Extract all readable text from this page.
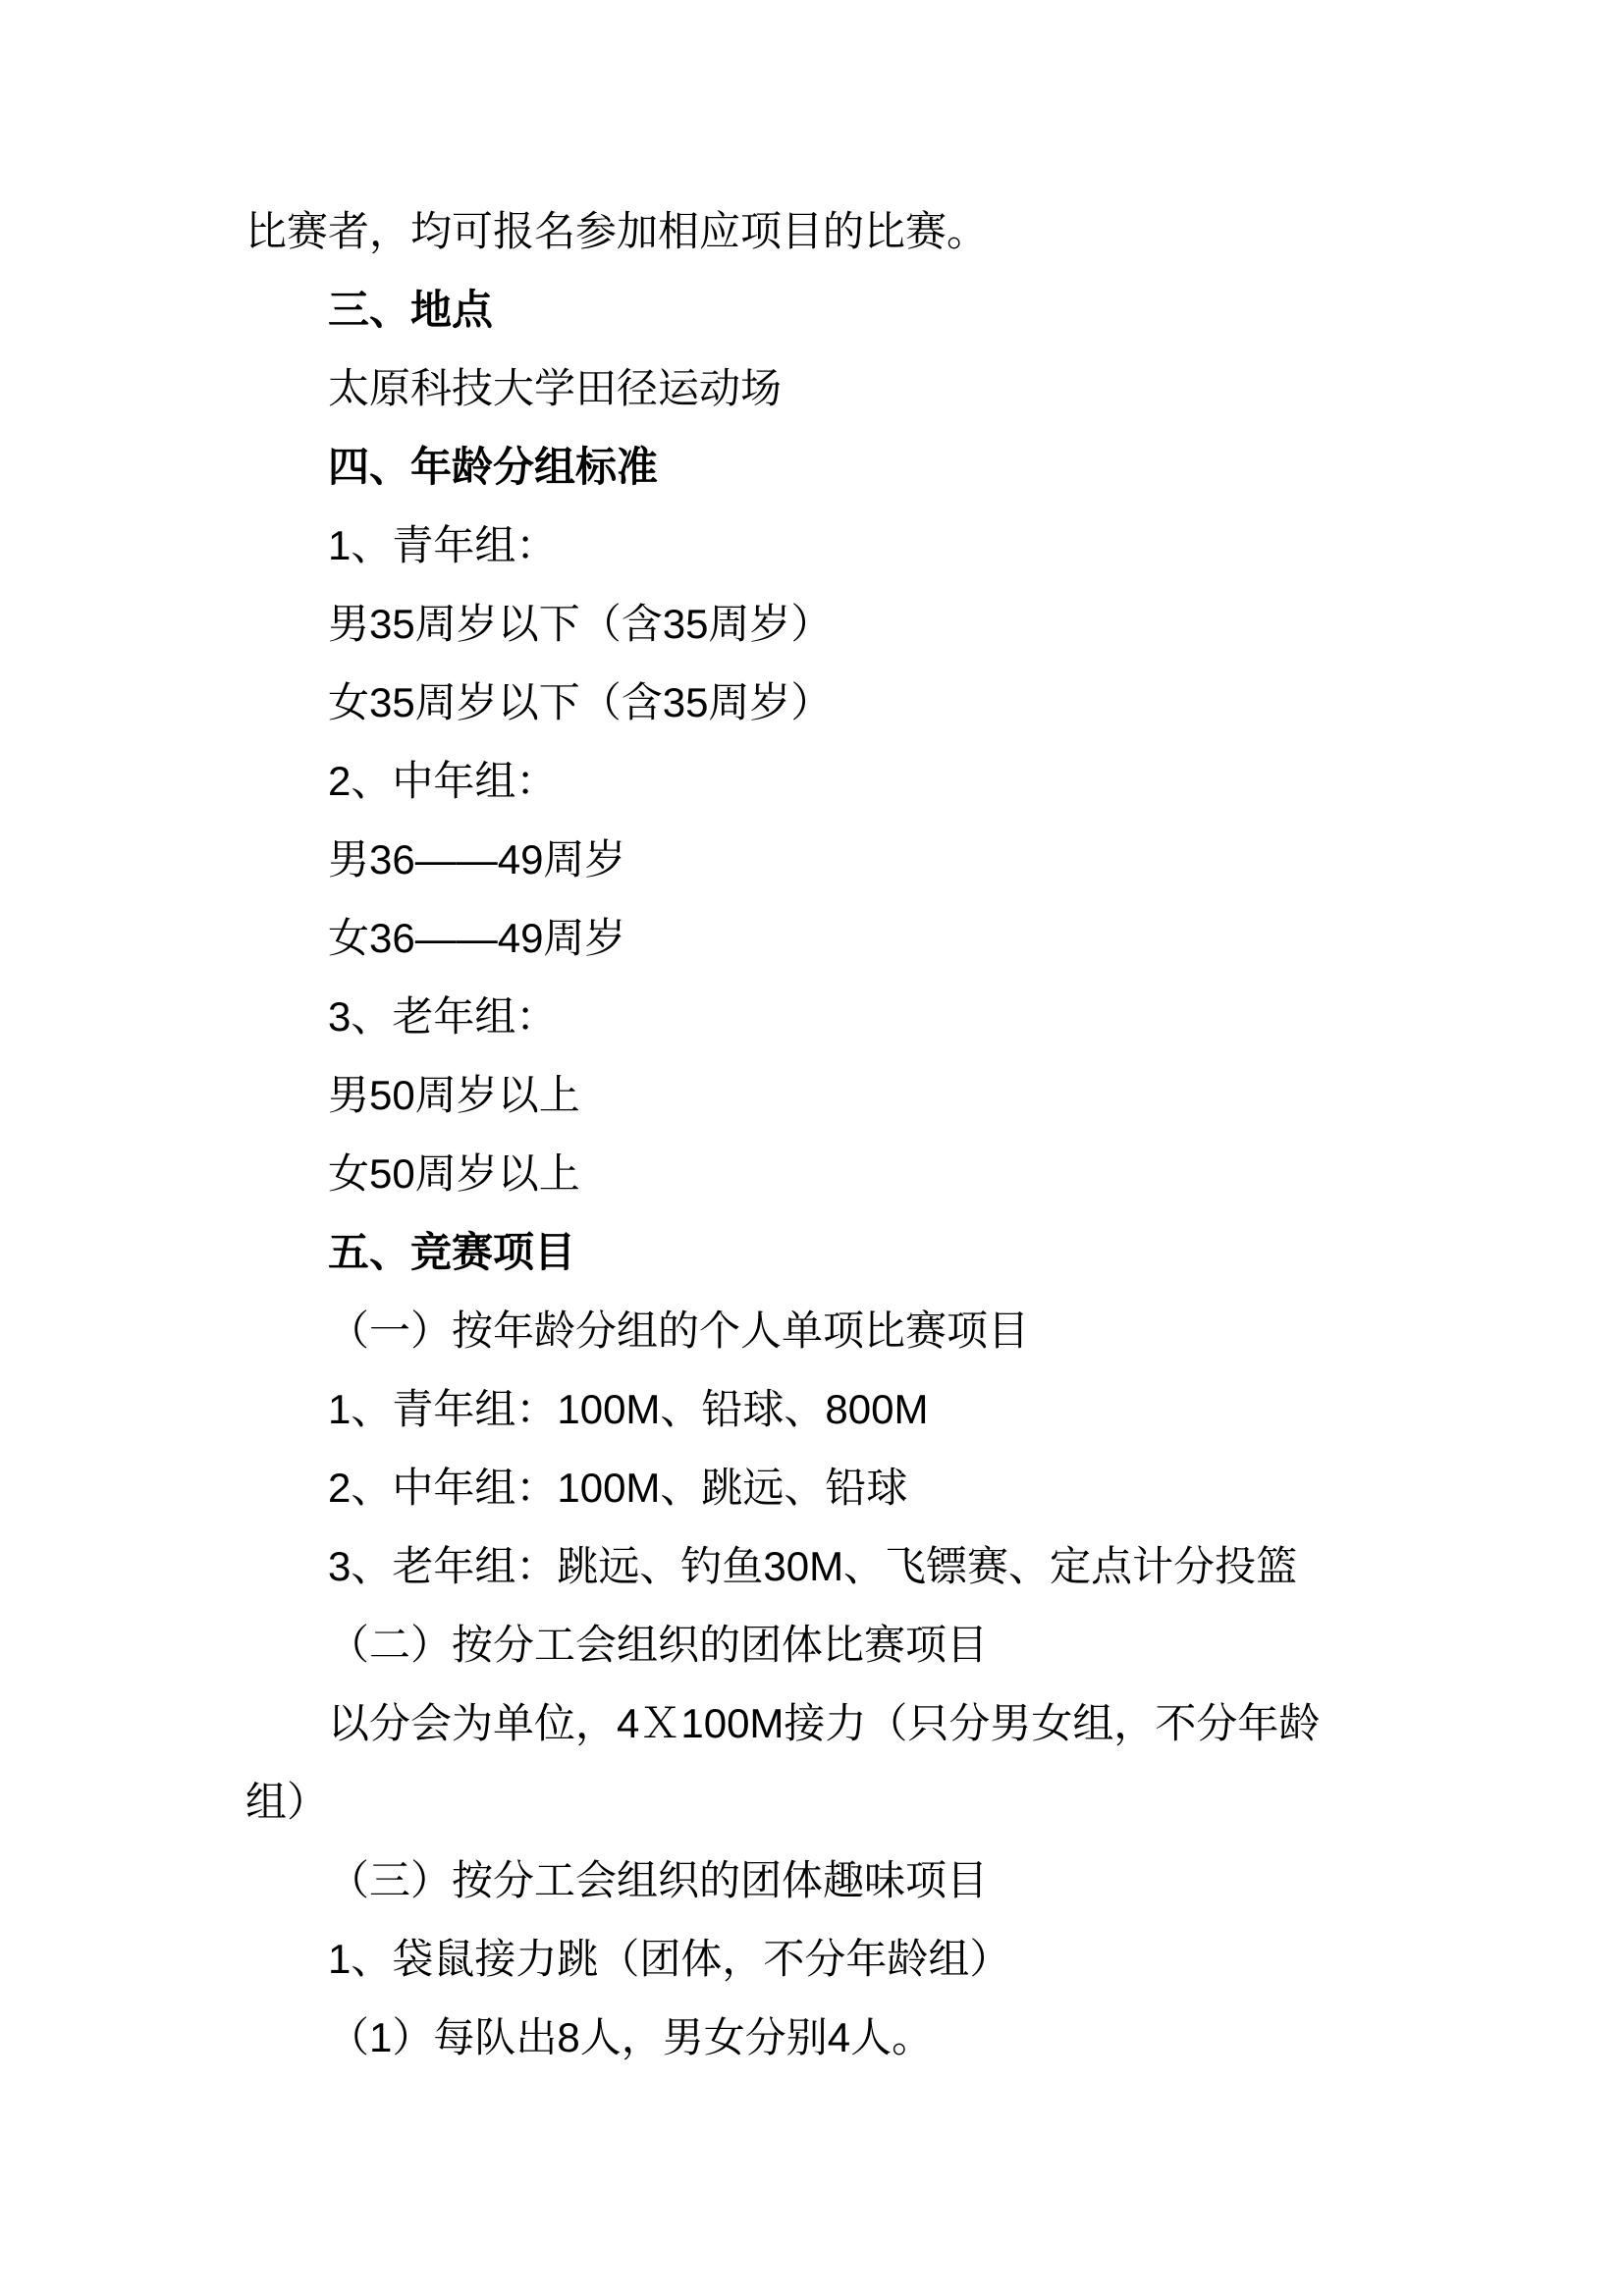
比赛者，均可报名参加相应项目的比赛。

三、地点

太原科技大学田径运动场

四、年龄分组标准

1、青年组：

男35周岁以下（含35周岁）

女35周岁以下（含35周岁）

2、中年组：

男36——49周岁

女36——49周岁

3、老年组：

男50周岁以上

女50周岁以上

五、竞赛项目

（一）按年龄分组的个人单项比赛项目

1、青年组：100M、铅球、800M

2、中年组：100M、跳远、铅球

3、老年组：跳远、钓鱼30M、飞镖赛、定点计分投篮

（二）按分工会组织的团体比赛项目

以分会为单位，4Ｘ100M接力（只分男女组，不分年龄

组）

（三）按分工会组织的团体趣味项目

1、袋鼠接力跳（团体，不分年龄组）

（1）每队出8人，男女分别4人。
